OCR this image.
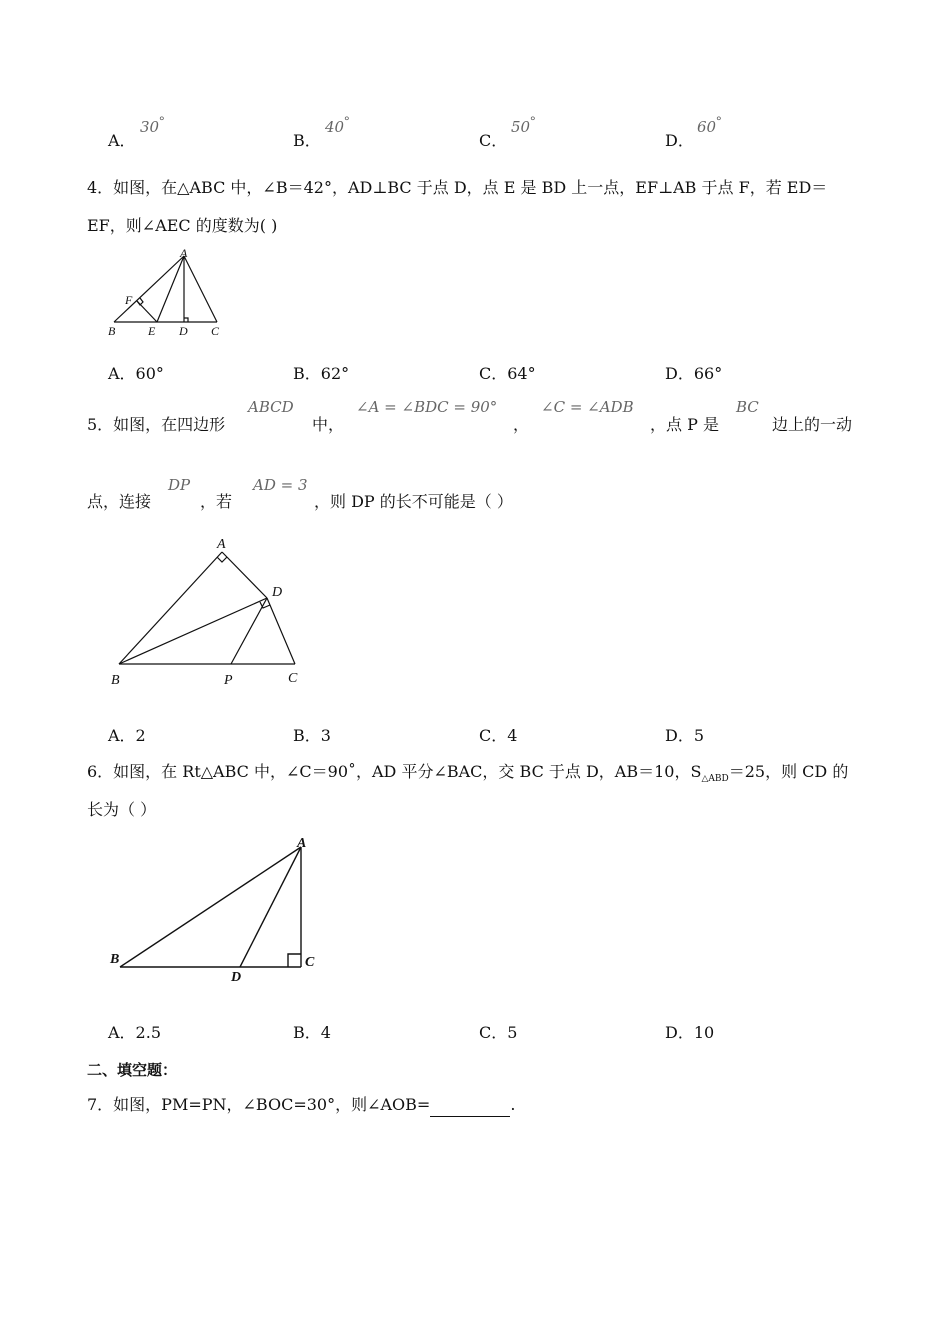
A．
30 °
B．
40 °
C．
50 °
D．
60 °
4．如图，在△ABC 中，∠B＝42°，AD⊥BC 于点 D，点 E 是 BD 上一点，EF⊥AB 于点 F，若 ED＝
EF，则∠AEC 的度数为( )
A
F
B	E D C
A．60°	B．62°	C．64°	D．66°
5．如图，在四边形
ABCD
中，
∠A = ∠BDC = 90°
，
∠C = ∠ADB
，点 P 是
BC
边上的一动
点，连接
DP
，若
AD = 3
，则 DP 的长不可能是（ ）
A
D
B	P	C
A．2	B．3	C．4	D．5
6．如图，在 Rt△ABC 中，∠C＝90˚，AD 平分∠BAC，交 BC 于点 D，AB＝10，$S_{\triangle ABD}=25$，则 CD 的
长为（ ）
A
B
D
C
A．2.5	B．4	C．5	D．10
二、填空题：
7．如图，PM=PN，∠BOC=30°，则∠AOB=	.
